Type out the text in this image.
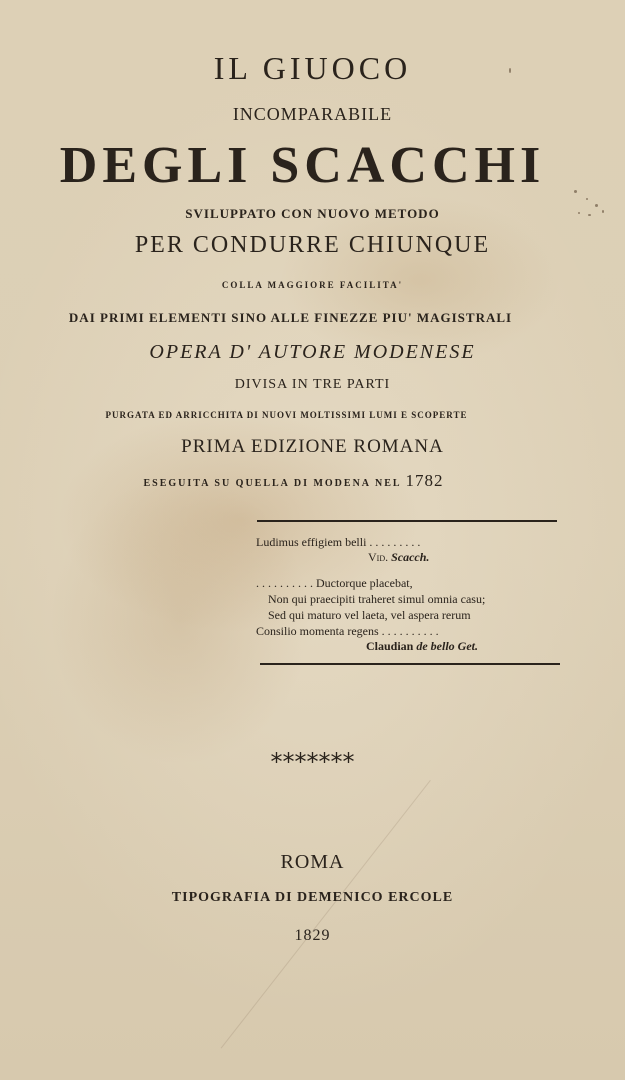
IL GIUOCO
INCOMPARABILE
DEGLI SCACCHI
SVILUPPATO CON NUOVO METODO
PER CONDURRE CHIUNQUE
COLLA MAGGIORE FACILITA'
DAI PRIMI ELEMENTI SINO ALLE FINEZZE PIU' MAGISTRALI
OPERA D' AUTORE MODENESE
DIVISA IN TRE PARTI
PURGATA ED ARRICCHITA DI NUOVI MOLTISSIMI LUMI E SCOPERTE
PRIMA EDIZIONE ROMANA
ESEGUITA SU QUELLA DI MODENA NEL 1782
Ludimus effigiem belli . . . . . . . . .
Vid. Scacch.
. . . . . . . . . . Ductorque placebat,
Non qui praecipiti traheret simul omnia casu;
Sed qui maturo vel laeta, vel aspera rerum
Consilio momenta regens . . . . . . . . . .
Claudian de bello Get.
*******
ROMA
TIPOGRAFIA DI DEMENICO ERCOLE
1829
